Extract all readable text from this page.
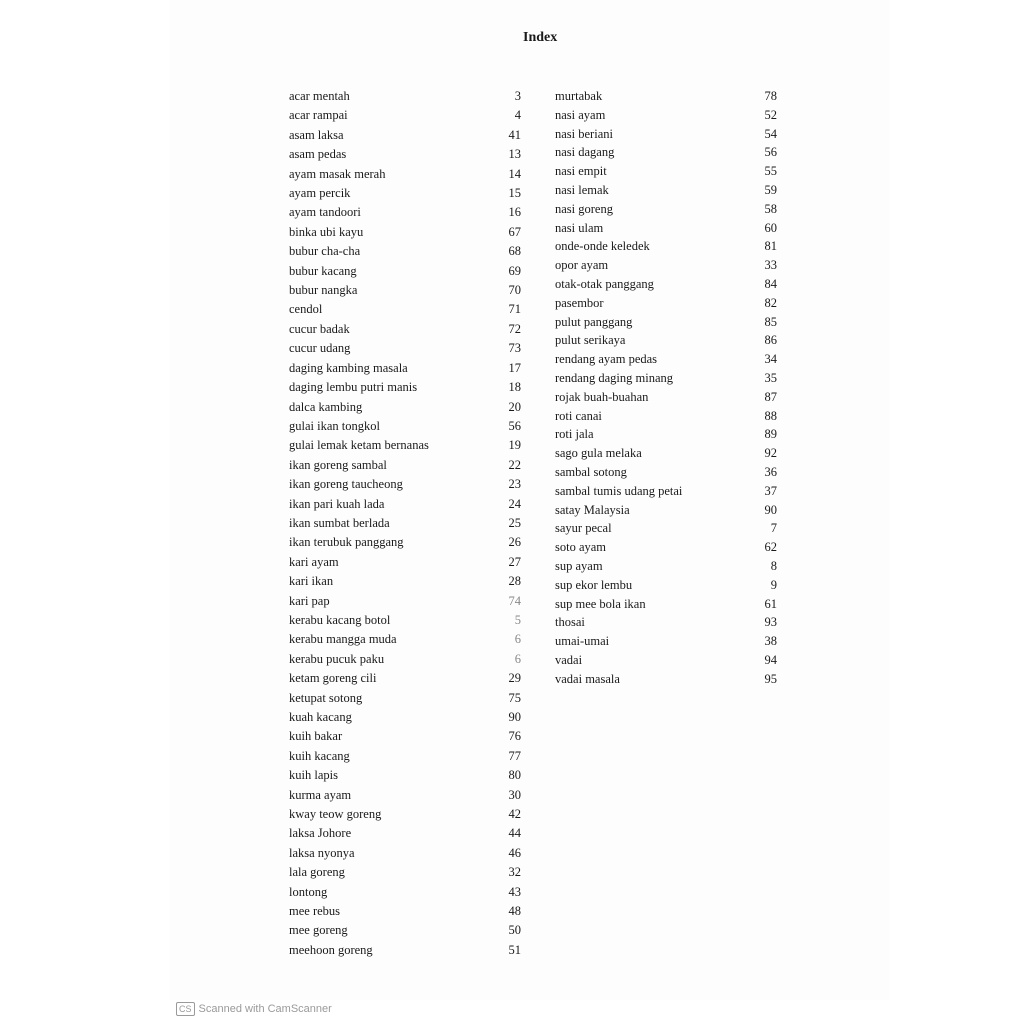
Index
acar mentah	3
acar rampai	4
asam laksa	41
asam pedas	13
ayam masak merah	14
ayam percik	15
ayam tandoori	16
binka ubi kayu	67
bubur cha-cha	68
bubur kacang	69
bubur nangka	70
cendol	71
cucur badak	72
cucur udang	73
daging kambing masala	17
daging lembu putri manis	18
dalca kambing	20
gulai ikan tongkol	56
gulai lemak ketam bernanas	19
ikan goreng sambal	22
ikan goreng taucheong	23
ikan pari kuah lada	24
ikan sumbat berlada	25
ikan terubuk panggang	26
kari ayam	27
kari ikan	28
kari pap	74
kerabu kacang botol	5
kerabu mangga muda	6
kerabu pucuk paku	6
ketam goreng cili	29
ketupat sotong	75
kuah kacang	90
kuih bakar	76
kuih kacang	77
kuih lapis	80
kurma ayam	30
kway teow goreng	42
laksa Johore	44
laksa nyonya	46
lala goreng	32
lontong	43
mee rebus	48
mee goreng	50
meehoon goreng	51
murtabak	78
nasi ayam	52
nasi beriani	54
nasi dagang	56
nasi empit	55
nasi lemak	59
nasi goreng	58
nasi ulam	60
onde-onde keledek	81
opor ayam	33
otak-otak panggang	84
pasembor	82
pulut panggang	85
pulut serikaya	86
rendang ayam pedas	34
rendang daging minang	35
rojak buah-buahan	87
roti canai	88
roti jala	89
sago gula melaka	92
sambal sotong	36
sambal tumis udang petai	37
satay Malaysia	90
sayur pecal	7
soto ayam	62
sup ayam	8
sup ekor lembu	9
sup mee bola ikan	61
thosai	93
umai-umai	38
vadai	94
vadai masala	95
CS Scanned with CamScanner
